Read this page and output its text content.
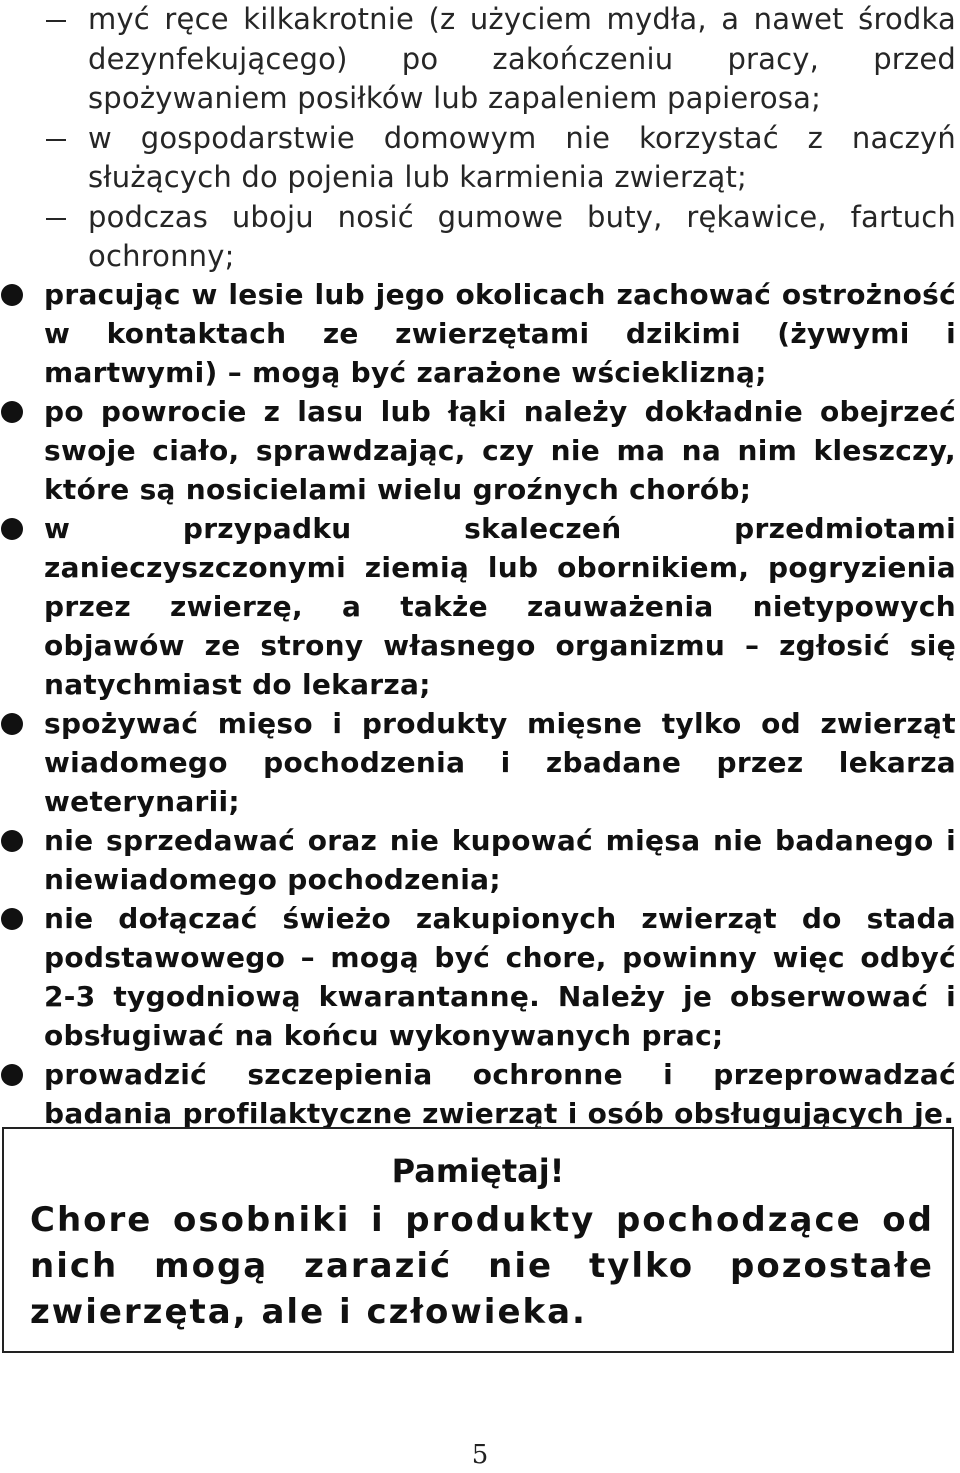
myć ręce kilkakrotnie (z użyciem mydła, a nawet środka dezynfekującego) po zakończeniu pracy, przed spożywaniem posiłków lub zapaleniem papierosa;
w gospodarstwie domowym nie korzystać z naczyń służących do pojenia lub karmienia zwierząt;
podczas uboju nosić gumowe buty, rękawice, fartuch ochronny;
pracując w lesie lub jego okolicach zachować ostrożność w kontaktach ze zwierzętami dzikimi (żywymi i martwymi) – mogą być zarażone wścieklizną;
po powrocie z lasu lub łąki należy dokładnie obejrzeć swoje ciało, sprawdzając, czy nie ma na nim kleszczy, które są nosicielami wielu groźnych chorób;
w przypadku skaleczeń przedmiotami zanieczyszczonymi ziemią lub obornikiem, pogryzienia przez zwierzę, a także zauważenia nietypowych objawów ze strony własnego organizmu – zgłosić się natychmiast do lekarza;
spożywać mięso i produkty mięsne tylko od zwierząt wiadomego pochodzenia i zbadane przez lekarza weterynarii;
nie sprzedawać oraz nie kupować mięsa nie badanego i niewiadomego pochodzenia;
nie dołączać świeżo zakupionych zwierząt do stada podstawowego – mogą być chore, powinny więc odbyć 2-3 tygodniową kwarantannę. Należy je obserwować i obsługiwać na końcu wykonywanych prac;
prowadzić szczepienia ochronne i przeprowadzać badania profilaktyczne zwierząt i osób obsługujących je.
Pamiętaj!
Chore osobniki i produkty pochodzące od nich mogą zarazić nie tylko pozostałe zwierzęta, ale i człowieka.
5
